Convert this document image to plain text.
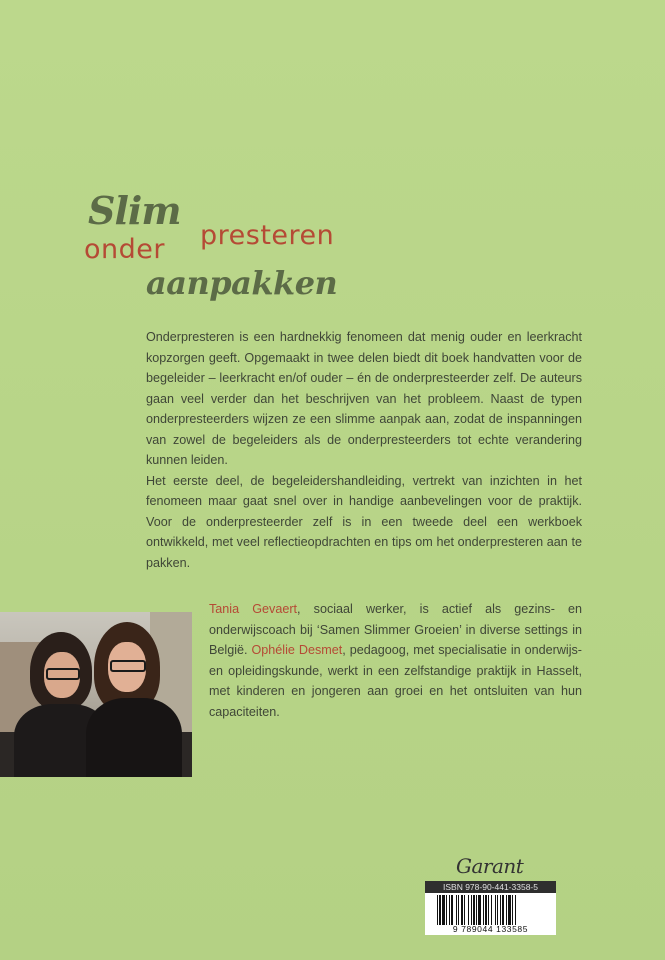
Slim
onder presteren
aanpakken

Onderpresteren is een hardnekkig fenomeen dat menig ouder en leerkracht kopzorgen geeft. Opgemaakt in twee delen biedt dit boek handvatten voor de begeleider – leerkracht en/of ouder – én de onderpresteerder zelf. De auteurs gaan veel verder dan het beschrijven van het probleem. Naast de typen onderpresteerders wijzen ze een slimme aanpak aan, zodat de inspanningen van zowel de begeleiders als de onderpresteerders tot echte verandering kunnen leiden.

Het eerste deel, de begeleidershandleiding, vertrekt van inzichten in het fenomeen maar gaat snel over in handige aanbevelingen voor de praktijk. Voor de onderpresteerder zelf is in een tweede deel een werkboek ontwikkeld, met veel reflectieopdrachten en tips om het onderpresteren aan te pakken.

Tania Gevaert, sociaal werker, is actief als gezins- en onderwijscoach bij ‘Samen Slimmer Groeien’ in diverse settings in België. Ophélie Desmet, pedagoog, met specialisatie in onderwijs- en opleidingskunde, werkt in een zelfstandige praktijk in Hasselt, met kinderen en jongeren aan groei en het ontsluiten van hun capaciteiten.

Garant
ISBN 978-90-441-3358-5
9 789044 133585
